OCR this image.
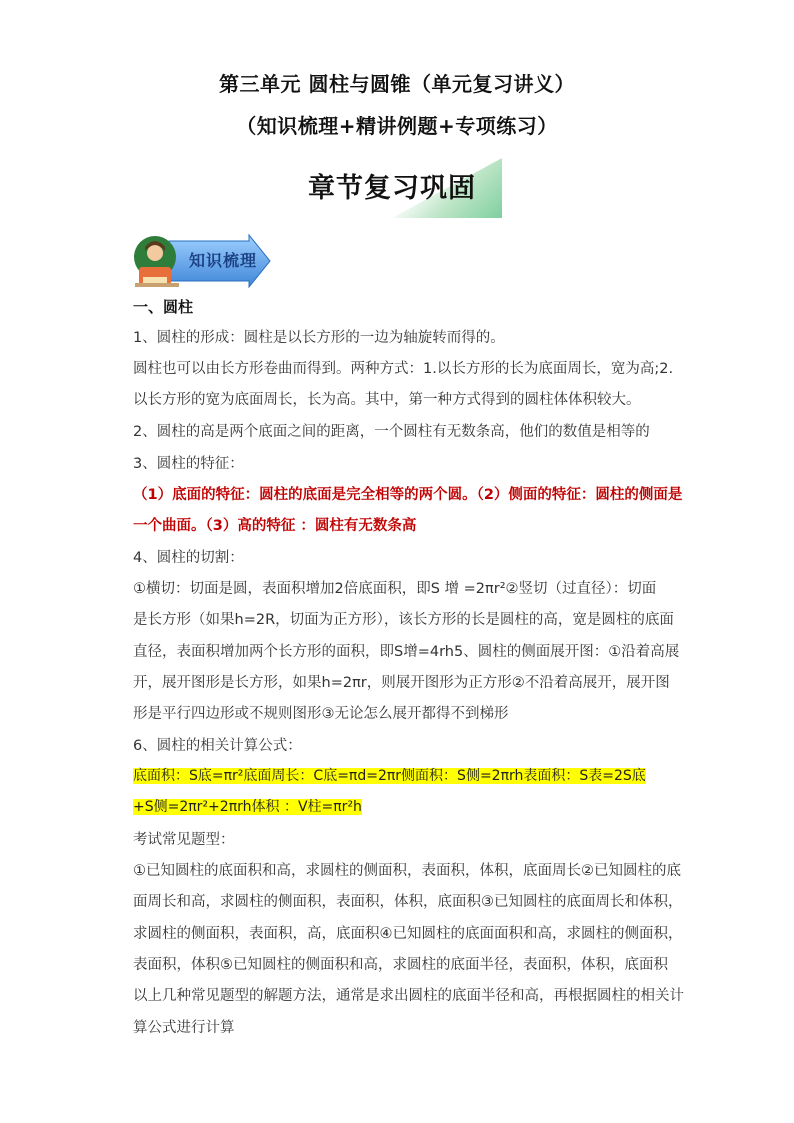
第三单元 圆柱与圆锥（单元复习讲义）
（知识梳理+精讲例题+专项练习）
章节复习巩固
知识梳理
一、圆柱
1、圆柱的形成：圆柱是以长方形的一边为轴旋转而得的。
圆柱也可以由长方形卷曲而得到。两种方式：1.以长方形的长为底面周长，宽为高;2.
以长方形的宽为底面周长，长为高。其中，第一种方式得到的圆柱体体积较大。
2、圆柱的高是两个底面之间的距离，一个圆柱有无数条高，他们的数值是相等的
3、圆柱的特征：
（1）底面的特征：圆柱的底面是完全相等的两个圆。（2）侧面的特征：圆柱的侧面是
一个曲面。（3）高的特征 ：圆柱有无数条高
4、圆柱的切割：
①横切：切面是圆，表面积增加2倍底面积，即S 增 =2πr²②竖切（过直径）：切面
是长方形（如果h=2R，切面为正方形），该长方形的长是圆柱的高，宽是圆柱的底面
直径，表面积增加两个长方形的面积，即S增=4rh5、圆柱的侧面展开图：①沿着高展
开，展开图形是长方形，如果h=2πr，则展开图形为正方形②不沿着高展开，展开图
形是平行四边形或不规则图形③无论怎么展开都得不到梯形
6、圆柱的相关计算公式：
底面积：S底=πr²底面周长：C底=πd=2πr侧面积：S侧=2πrh表面积：S表=2S底
+S侧=2πr²+2πrh体积 ：V柱=πr²h
考试常见题型：
①已知圆柱的底面积和高，求圆柱的侧面积，表面积，体积，底面周长②已知圆柱的底
面周长和高，求圆柱的侧面积，表面积，体积，底面积③已知圆柱的底面周长和体积，
求圆柱的侧面积，表面积，高，底面积④已知圆柱的底面面积和高，求圆柱的侧面积，
表面积，体积⑤已知圆柱的侧面积和高，求圆柱的底面半径，表面积，体积，底面积
以上几种常见题型的解题方法，通常是求出圆柱的底面半径和高，再根据圆柱的相关计
算公式进行计算
